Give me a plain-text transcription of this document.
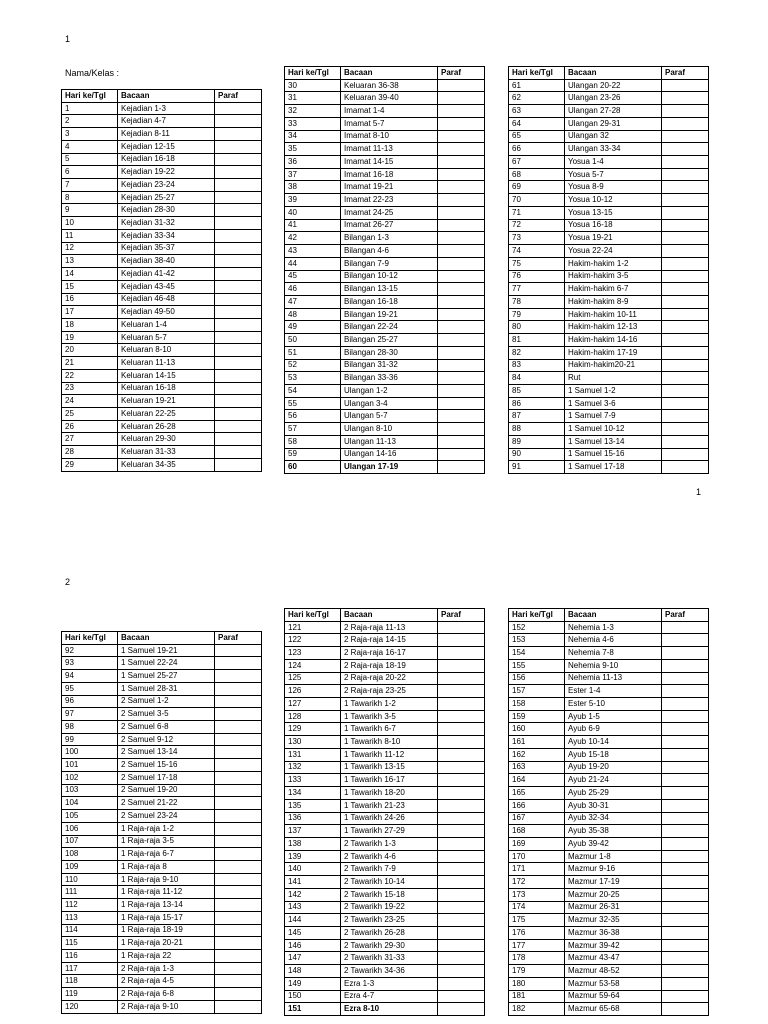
1
Nama/Kelas :
Hari ke/Tgl	Bacaan	Paraf
1	Kejadian 1-3	
2	Kejadian 4-7	
3	Kejadian 8-11	
4	Kejadian 12-15	
5	Kejadian 16-18	
6	Kejadian 19-22	
7	Kejadian 23-24	
8	Kejadian 25-27	
9	Kejadian 28-30	
10	Kejadian 31-32	
11	Kejadian 33-34	
12	Kejadian 35-37	
13	Kejadian 38-40	
14	Kejadian 41-42	
15	Kejadian 43-45	
16	Kejadian 46-48	
17	Kejadian 49-50	
18	Keluaran 1-4	
19	Keluaran 5-7	
20	Keluaran 8-10	
21	Keluaran 11-13	
22	Keluaran 14-15	
23	Keluaran 16-18	
24	Keluaran 19-21	
25	Keluaran 22-25	
26	Keluaran 26-28	
27	Keluaran 29-30	
28	Keluaran 31-33	
29	Keluaran 34-35	
Hari ke/Tgl	Bacaan	Paraf
30	Keluaran 36-38	
31	Keluaran 39-40	
32	Imamat 1-4	
33	Imamat 5-7	
34	Imamat 8-10	
35	Imamat 11-13	
36	Imamat 14-15	
37	Imamat 16-18	
38	Imamat 19-21	
39	Imamat 22-23	
40	Imamat 24-25	
41	Imamat 26-27	
42	Bilangan 1-3	
43	Bilangan 4-6	
44	Bilangan 7-9	
45	Bilangan 10-12	
46	Bilangan 13-15	
47	Bilangan 16-18	
48	Bilangan 19-21	
49	Bilangan 22-24	
50	Bilangan 25-27	
51	Bilangan 28-30	
52	Bilangan 31-32	
53	Bilangan 33-36	
54	Ulangan 1-2	
55	Ulangan 3-4	
56	Ulangan 5-7	
57	Ulangan 8-10	
58	Ulangan 11-13	
59	Ulangan 14-16	
60	Ulangan 17-19	
Hari ke/Tgl	Bacaan	Paraf
61	Ulangan 20-22	
62	Ulangan 23-26	
63	Ulangan 27-28	
64	Ulangan 29-31	
65	Ulangan 32	
66	Ulangan 33-34	
67	Yosua 1-4	
68	Yosua 5-7	
69	Yosua 8-9	
70	Yosua 10-12	
71	Yosua 13-15	
72	Yosua 16-18	
73	Yosua 19-21	
74	Yosua 22-24	
75	Hakim-hakim 1-2	
76	Hakim-hakim 3-5	
77	Hakim-hakim 6-7	
78	Hakim-hakim 8-9	
79	Hakim-hakim 10-11	
80	Hakim-hakim 12-13	
81	Hakim-hakim 14-16	
82	Hakim-hakim 17-19	
83	Hakim-hakim20-21	
84	Rut	
85	1 Samuel 1-2	
86	1 Samuel 3-6	
87	1 Samuel 7-9	
88	1 Samuel 10-12	
89	1 Samuel 13-14	
90	1 Samuel 15-16	
91	1 Samuel 17-18	
1
2
Hari ke/Tgl	Bacaan	Paraf
92	1 Samuel 19-21	
93	1 Samuel 22-24	
94	1 Samuel 25-27	
95	1 Samuel 28-31	
96	2 Samuel 1-2	
97	2 Samuel 3-5	
98	2 Samuel 6-8	
99	2 Samuel 9-12	
100	2 Samuel 13-14	
101	2 Samuel 15-16	
102	2 Samuel 17-18	
103	2 Samuel 19-20	
104	2 Samuel 21-22	
105	2 Samuel 23-24	
106	1 Raja-raja 1-2	
107	1 Raja-raja 3-5	
108	1 Raja-raja 6-7	
109	1 Raja-raja 8	
110	1 Raja-raja 9-10	
111	1 Raja-raja 11-12	
112	1 Raja-raja 13-14	
113	1 Raja-raja 15-17	
114	1 Raja-raja 18-19	
115	1 Raja-raja 20-21	
116	1 Raja-raja 22	
117	2 Raja-raja 1-3	
118	2 Raja-raja 4-5	
119	2 Raja-raja 6-8	
120	2 Raja-raja 9-10	
Hari ke/Tgl	Bacaan	Paraf
121	2 Raja-raja 11-13	
122	2 Raja-raja 14-15	
123	2 Raja-raja 16-17	
124	2 Raja-raja 18-19	
125	2 Raja-raja 20-22	
126	2 Raja-raja 23-25	
127	1 Tawarikh 1-2	
128	1 Tawarikh 3-5	
129	1 Tawarikh 6-7	
130	1 Tawarikh 8-10	
131	1 Tawarikh 11-12	
132	1 Tawarikh 13-15	
133	1 Tawarikh 16-17	
134	1 Tawarikh 18-20	
135	1 Tawarikh 21-23	
136	1 Tawarikh 24-26	
137	1 Tawarikh 27-29	
138	2 Tawarikh 1-3	
139	2 Tawarikh 4-6	
140	2 Tawarikh 7-9	
141	2 Tawarikh 10-14	
142	2 Tawarikh 15-18	
143	2 Tawarikh 19-22	
144	2 Tawarikh 23-25	
145	2 Tawarikh 26-28	
146	2 Tawarikh 29-30	
147	2 Tawarikh 31-33	
148	2 Tawarikh 34-36	
149	Ezra 1-3	
150	Ezra 4-7	
151	Ezra 8-10	
Hari ke/Tgl	Bacaan	Paraf
152	Nehemia 1-3	
153	Nehemia 4-6	
154	Nehemia 7-8	
155	Nehemia 9-10	
156	Nehemia 11-13	
157	Ester 1-4	
158	Ester 5-10	
159	Ayub 1-5	
160	Ayub 6-9	
161	Ayub 10-14	
162	Ayub 15-18	
163	Ayub 19-20	
164	Ayub 21-24	
165	Ayub 25-29	
166	Ayub 30-31	
167	Ayub 32-34	
168	Ayub 35-38	
169	Ayub 39-42	
170	Mazmur 1-8	
171	Mazmur 9-16	
172	Mazmur 17-19	
173	Mazmur 20-25	
174	Mazmur 26-31	
175	Mazmur 32-35	
176	Mazmur 36-38	
177	Mazmur 39-42	
178	Mazmur 43-47	
179	Mazmur 48-52	
180	Mazmur 53-58	
181	Mazmur 59-64	
182	Mazmur 65-68	
